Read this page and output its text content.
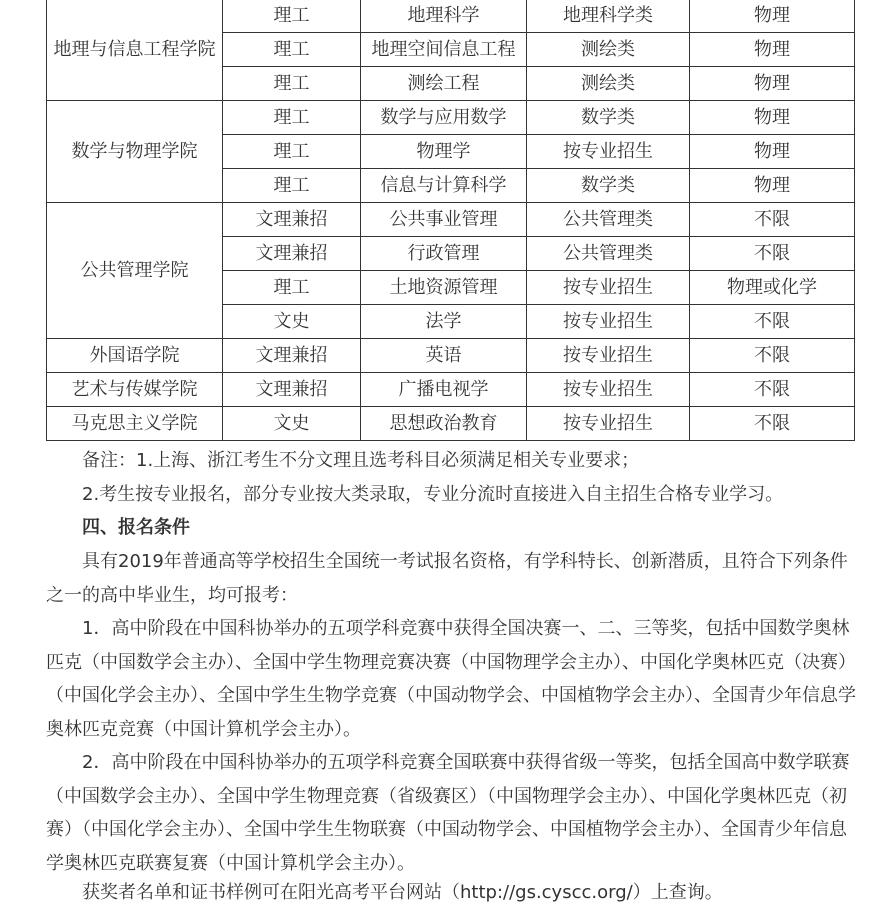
地理与信息工程学院	理工	地理科学	地理科学类	物理
	理工	地理空间信息工程	测绘类	物理
	理工	测绘工程	测绘类	物理
数学与物理学院	理工	数学与应用数学	数学类	物理
	理工	物理学	按专业招生	物理
	理工	信息与计算科学	数学类	物理
公共管理学院	文理兼招	公共事业管理	公共管理类	不限
	文理兼招	行政管理	公共管理类	不限
	理工	土地资源管理	按专业招生	物理或化学
	文史	法学	按专业招生	不限
外国语学院	文理兼招	英语	按专业招生	不限
艺术与传媒学院	文理兼招	广播电视学	按专业招生	不限
马克思主义学院	文史	思想政治教育	按专业招生	不限

备注：1.上海、浙江考生不分文理且选考科目必须满足相关专业要求；

2.考生按专业报名，部分专业按大类录取，专业分流时直接进入自主招生合格专业学习。

四、报名条件

具有2019年普通高等学校招生全国统一考试报名资格，有学科特长、创新潜质，且符合下列条件之一的高中毕业生，均可报考：

1．高中阶段在中国科协举办的五项学科竞赛中获得全国决赛一、二、三等奖，包括中国数学奥林匹克（中国数学会主办）、全国中学生物理竞赛决赛（中国物理学会主办）、中国化学奥林匹克（决赛）（中国化学会主办）、全国中学生生物学竞赛（中国动物学会、中国植物学会主办）、全国青少年信息学奥林匹克竞赛（中国计算机学会主办）。

2．高中阶段在中国科协举办的五项学科竞赛全国联赛中获得省级一等奖，包括全国高中数学联赛（中国数学会主办）、全国中学生物理竞赛（省级赛区）（中国物理学会主办）、中国化学奥林匹克（初赛）（中国化学会主办）、全国中学生生物联赛（中国动物学会、中国植物学会主办）、全国青少年信息学奥林匹克联赛复赛（中国计算机学会主办）。

获奖者名单和证书样例可在阳光高考平台网站（http://gs.cyscc.org/）上查询。
